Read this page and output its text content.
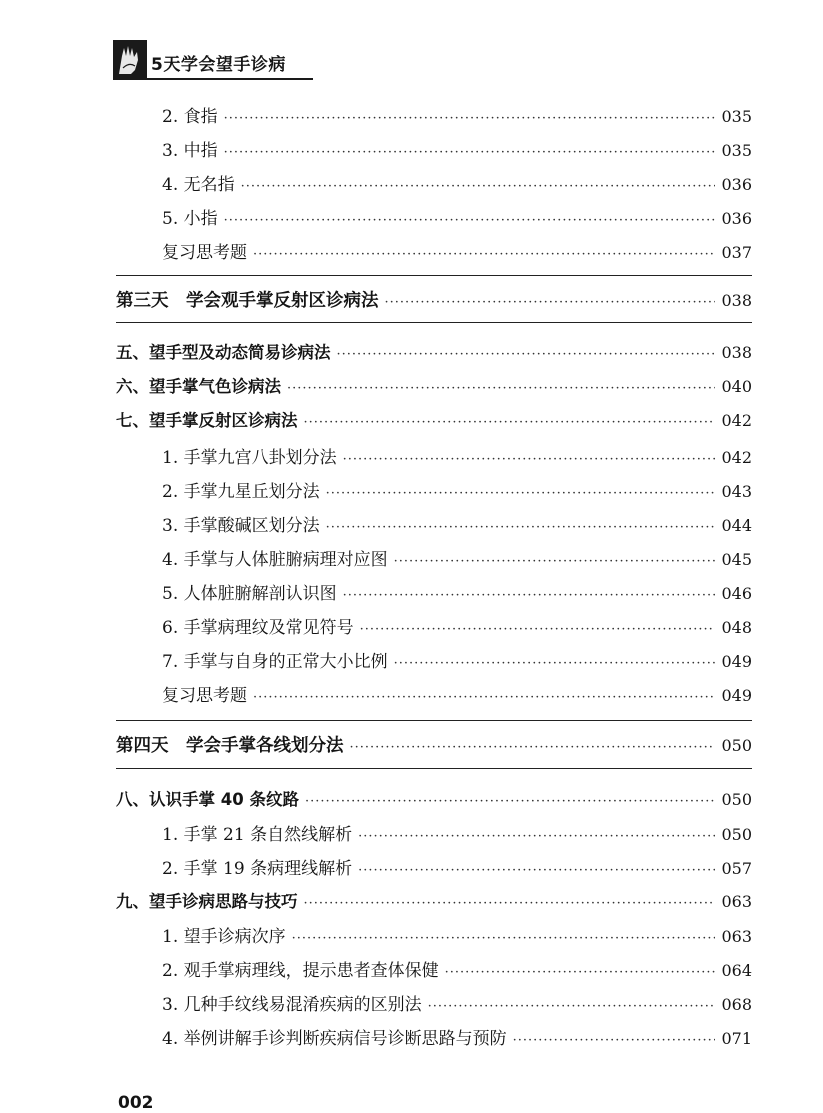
5天学会望手诊病
2. 食指 ·····	035
3. 中指 ·····	035
4. 无名指 ·····	036
5. 小指 ·····	036
复习思考题 ·····	037
第三天　学会观手掌反射区诊病法 ·····	038
五、望手型及动态简易诊病法 ·····	038
六、望手掌气色诊病法 ·····	040
七、望手掌反射区诊病法 ·····	042
1. 手掌九宫八卦划分法 ·····	042
2. 手掌九星丘划分法 ·····	043
3. 手掌酸碱区划分法 ·····	044
4. 手掌与人体脏腑病理对应图 ·····	045
5. 人体脏腑解剖认识图 ·····	046
6. 手掌病理纹及常见符号 ·····	048
7. 手掌与自身的正常大小比例 ·····	049
复习思考题 ·····	049
第四天　学会手掌各线划分法 ·····	050
八、认识手掌 40 条纹路 ·····	050
1. 手掌 21 条自然线解析 ·····	050
2. 手掌 19 条病理线解析 ·····	057
九、望手诊病思路与技巧 ·····	063
1. 望手诊病次序 ·····	063
2. 观手掌病理线，提示患者查体保健 ·····	064
3. 几种手纹线易混淆疾病的区别法 ·····	068
4. 举例讲解手诊判断疾病信号诊断思路与预防 ·····	071
002
